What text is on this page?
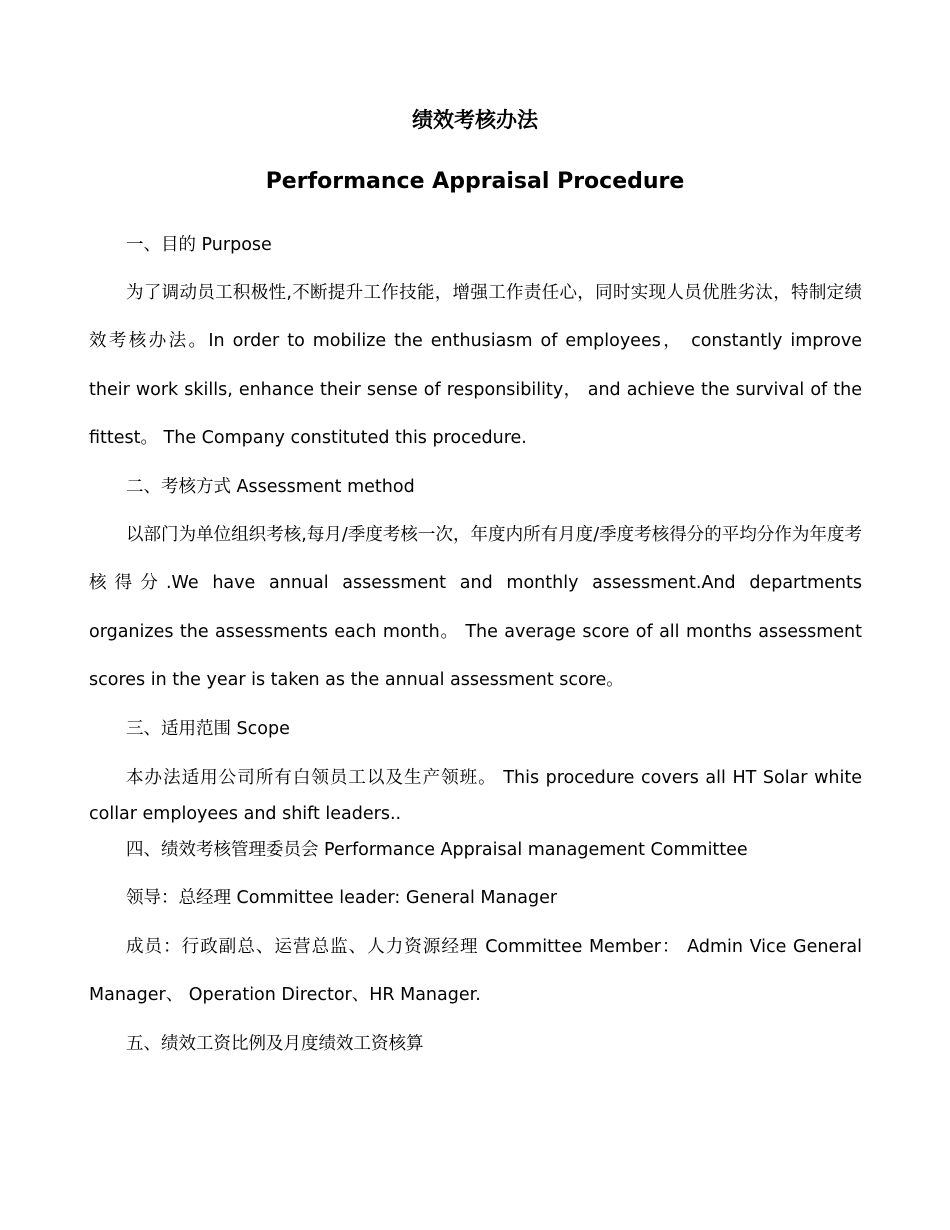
绩效考核办法
Performance Appraisal Procedure
一、目的 Purpose
为了调动员工积极性,不断提升工作技能，增强工作责任心，同时实现人员优胜劣汰，特制定绩效考核办法。In order to mobilize the enthusiasm of employees， constantly improve their work skills, enhance their sense of responsibility， and achieve the survival of the fittest。 The Company constituted this procedure.
二、考核方式 Assessment method
以部门为单位组织考核,每月/季度考核一次，年度内所有月度/季度考核得分的平均分作为年度考核得分.We have annual assessment and monthly assessment.And departments organizes the assessments each month。 The average score of all months assessment scores in the year is taken as the annual assessment score。
三、适用范围 Scope
本办法适用公司所有白领员工以及生产领班。 This procedure covers all HT Solar white collar employees and shift leaders..
四、绩效考核管理委员会 Performance Appraisal management Committee
领导：总经理 Committee leader: General Manager
成员：行政副总、运营总监、人力资源经理 Committee Member： Admin Vice General Manager、 Operation Director、HR Manager.
五、绩效工资比例及月度绩效工资核算
